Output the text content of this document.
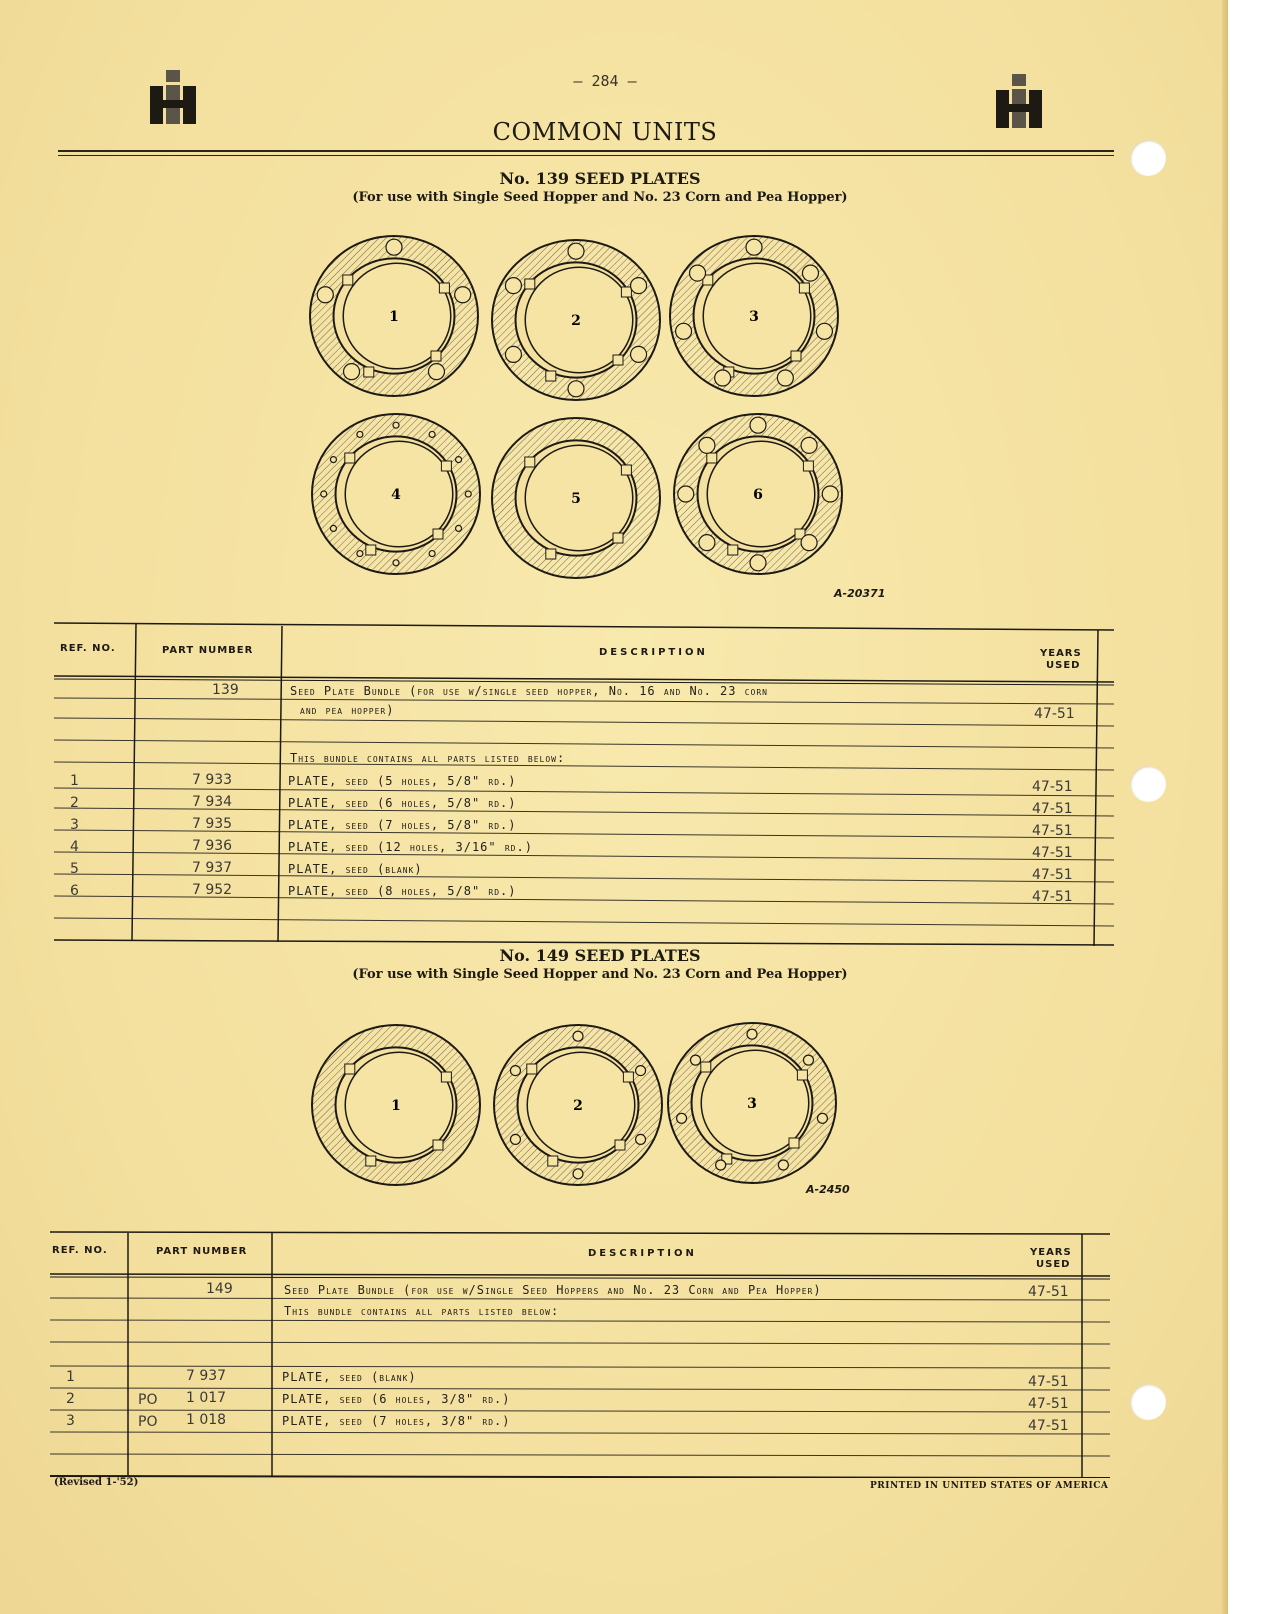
— 284 —
COMMON UNITS
No. 139 SEED PLATES
(For use with Single Seed Hopper and No. 23 Corn and Pea Hopper)
1	2	3
4	5	6
A-20371
REF. NO.	PART NUMBER	DESCRIPTION	YEARS
USED
139	Seed Plate Bundle (for use w/single seed hopper, No. 16 and No. 23 corn
and pea hopper)	47-51
This bundle contains all parts listed below:
1	7 933	PLATE, seed (5 holes, 5/8" rd.)	47-51
2	7 934	PLATE, seed (6 holes, 5/8" rd.)	47-51
3	7 935	PLATE, seed (7 holes, 5/8" rd.)	47-51
4	7 936	PLATE, seed (12 holes, 3/16" rd.)	47-51
5	7 937	PLATE, seed (blank)	47-51
6	7 952	PLATE, seed (8 holes, 5/8" rd.)	47-51
No. 149 SEED PLATES
(For use with Single Seed Hopper and No. 23 Corn and Pea Hopper)
1	2	3
A-2450
REF. NO.	PART NUMBER	DESCRIPTION	YEARS
USED
149	Seed Plate Bundle (for use w/Single Seed Hoppers and No. 23 Corn and Pea Hopper)	47-51
This bundle contains all parts listed below:
1	7 937	PLATE, seed (blank)	47-51
2	PO 1 017	PLATE, seed (6 holes, 3/8" rd.)	47-51
3	PO 1 018	PLATE, seed (7 holes, 3/8" rd.)	47-51
(Revised 1-'52)	PRINTED IN UNITED STATES OF AMERICA
